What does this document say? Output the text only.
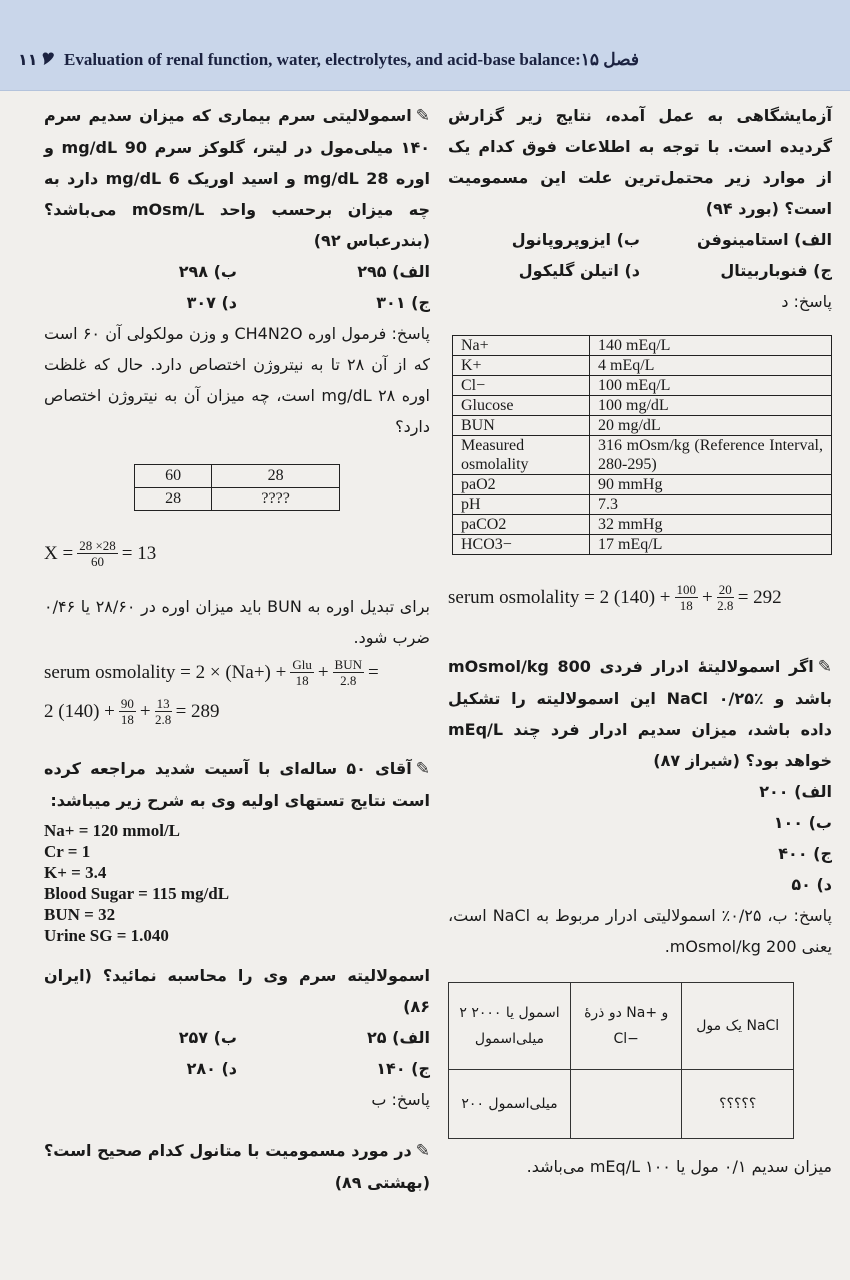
۱۱ 🎔 Evaluation of renal function, water, electrolytes, and acid-base balance:۱۵ فصل
آزمایشگاهی به عمل آمده، نتایج زیر گزارش گردیده است. با توجه به اطلاعات فوق کدام یک از موارد زیر محتمل‌ترین علت این مسمومیت است؟ (بورد ۹۴)
الف) استامینوفن
ب) ایزوپروپانول
ج) فنوباربیتال
د) اتیلن گلیکول
پاسخ: د
Na+	140 mEq/L
K+	4 mEq/L
Cl−	100 mEq/L
Glucose	100 mg/dL
BUN	20 mg/dL
Measured osmolality	316 mOsm/kg (Reference Interval, 280-295)
paO2	90 mmHg
pH	7.3
paCO2	32 mmHg
HCO3−	17 mEq/L
serum osmolality = 2 $(140) + \frac{100}{18} + \frac{20}{2.8} = 292$
✎اگر اسمولالیتهٔ ادرار فردی 800 mOsmol/kg باشد و NaCl ۰/۲۵٪ این اسمولالیته را تشکیل داده باشد، میزان سدیم ادرار فرد چند mEq/L خواهد بود؟ (شیراز ۸۷)
الف) ۲۰۰
ب) ۱۰۰
ج) ۴۰۰
د) ۵۰
پاسخ: ب، ۰/۲۵٪ اسمولالیتی ادرار مربوط به NaCl است، یعنی 200 mOsmol/kg.
۲ اسمول یا ۲۰۰۰ میلی‌اسمول	دو ذرهٔ Na+ و Cl−	یک مول NaCl
۲۰۰ میلی‌اسمول		؟؟؟؟؟
میزان سدیم ۰/۱ مول یا ۱۰۰ mEq/L می‌باشد.
✎اسمولالیتی سرم بیماری که میزان سدیم سرم ۱۴۰ میلی‌مول در لیتر، گلوکز سرم 90 mg/dL و اوره 28 mg/dL و اسید اوریک 6 mg/dL دارد به چه میزان برحسب واحد mOsm/L می‌باشد؟ (بندرعباس ۹۲)
الف) ۲۹۵
ب) ۲۹۸
ج) ۳۰۱
د) ۳۰۷
پاسخ: فرمول اوره CH4N2O و وزن مولکولی آن ۶۰ است که از آن ۲۸ تا به نیتروژن اختصاص دارد. حال که غلظت اوره ۲۸ mg/dL است، چه میزان آن به نیتروژن اختصاص دارد؟
60	28
28	????
$X = \frac{28 \times 28}{60} = 13$
برای تبدیل اوره به BUN باید میزان اوره در ۲۸/۶۰ یا ۰/۴۶ ضرب شود.
serum osmolality = $2 \times (Na+) + \frac{\text{Glu}}{18} + \frac{\text{BUN}}{2.8}$ =
2 $(140) + \frac{90}{18} + \frac{13}{2.8} = 289$
✎آقای ۵۰ ساله‌ای با آسیت شدید مراجعه کرده است نتایج تستهای اولیه وی به شرح زیر میباشد:
Na+ = 120 mmol/L
Cr = 1
K+ = 3.4
Blood Sugar = 115 mg/dL
BUN = 32
Urine SG = 1.040
اسمولالیته سرم وی را محاسبه نمائید؟ (ایران ۸۶)
الف) ۲۵
ب) ۲۵۷
ج) ۱۴۰
د) ۲۸۰
پاسخ: ب
✎در مورد مسمومیت با متانول کدام صحیح است؟ (بهشتی ۸۹)
